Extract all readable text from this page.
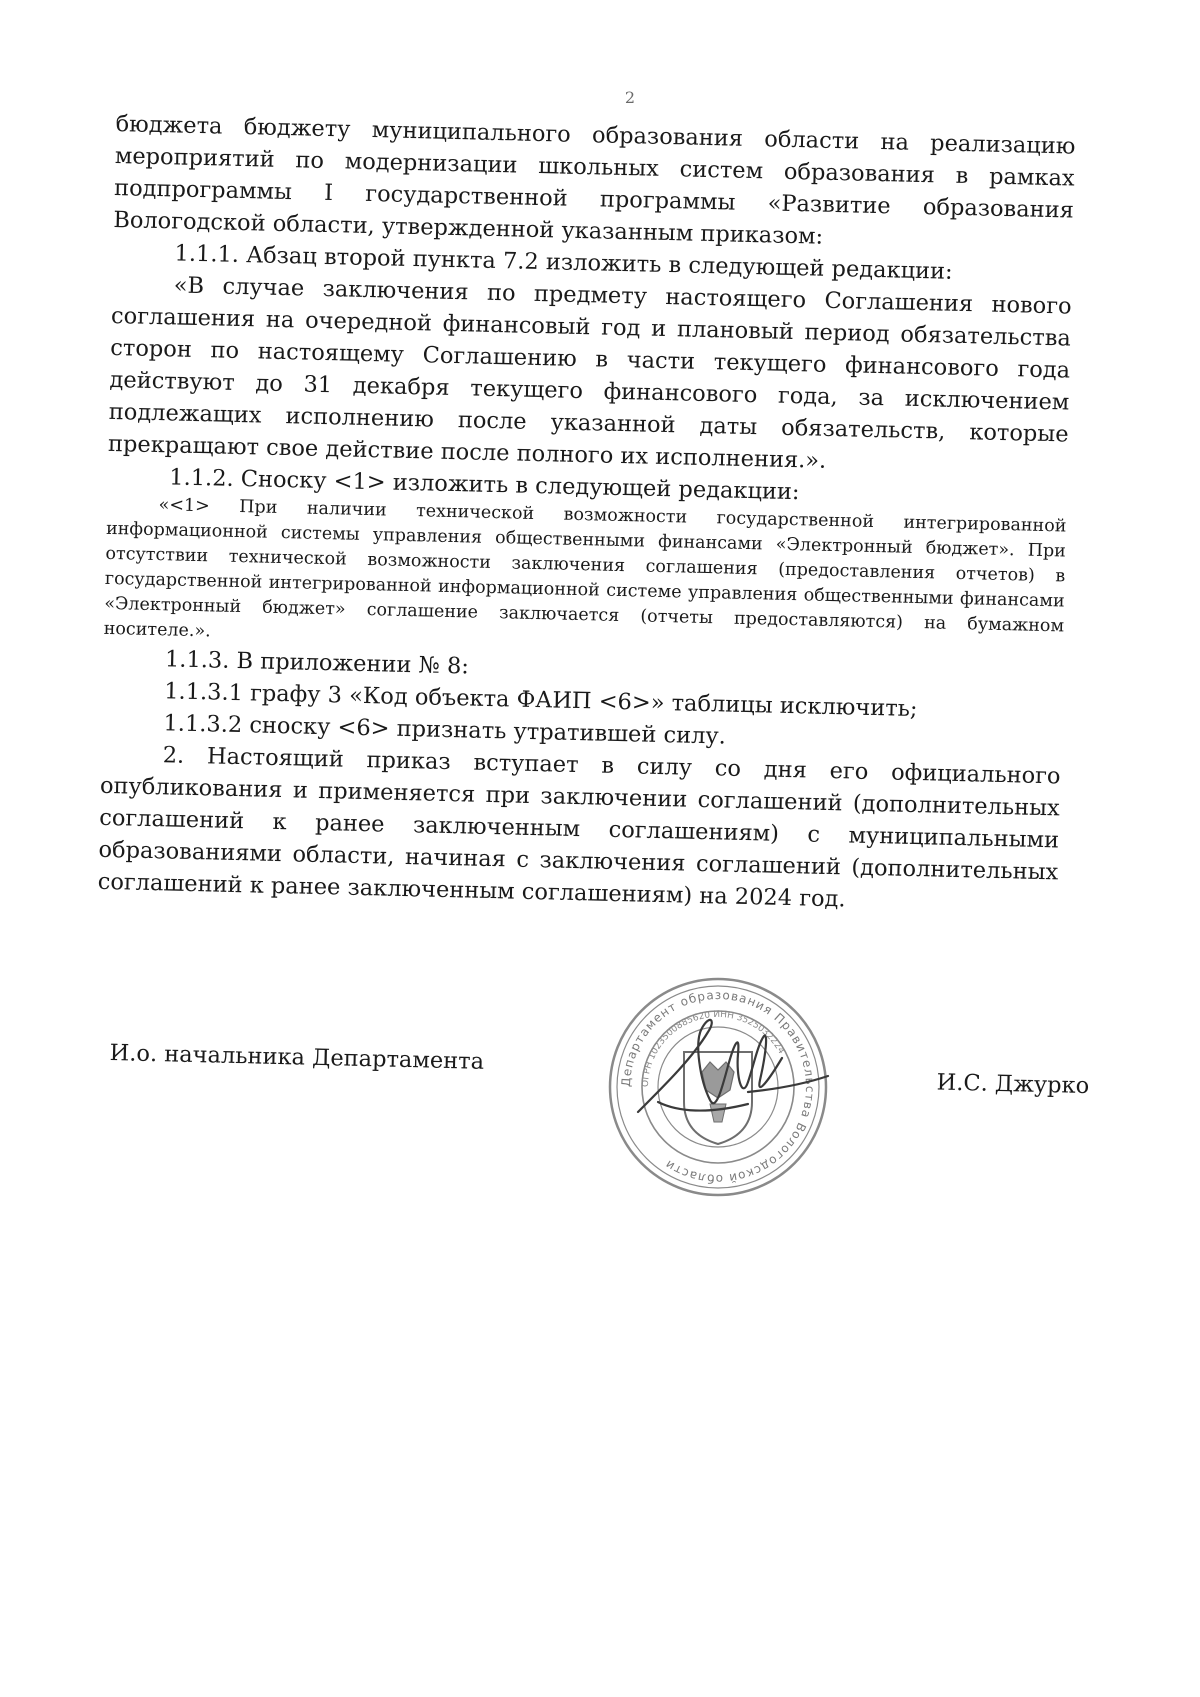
2

бюджета бюджету муниципального образования области на реализацию мероприятий по модернизации школьных систем образования в рамках подпрограммы I государственной программы «Развитие образования Вологодской области, утвержденной указанным приказом:

1.1.1. Абзац второй пункта 7.2 изложить в следующей редакции:

«В случае заключения по предмету настоящего Соглашения нового соглашения на очередной финансовый год и плановый период обязательства сторон по настоящему Соглашению в части текущего финансового года действуют до 31 декабря текущего финансового года, за исключением подлежащих исполнению после указанной даты обязательств, которые прекращают свое действие после полного их исполнения.».

1.1.2. Сноску <1> изложить в следующей редакции:

«<1> При наличии технической возможности государственной интегрированной информационной системы управления общественными финансами «Электронный бюджет». При отсутствии технической возможности заключения соглашения (предоставления отчетов) в государственной интегрированной информационной системе управления общественными финансами «Электронный бюджет» соглашение заключается (отчеты предоставляются) на бумажном носителе.».

1.1.3. В приложении № 8:

1.1.3.1 графу 3 «Код объекта ФАИП <6>» таблицы исключить;

1.1.3.2 сноску <6> признать утратившей силу.

2. Настоящий приказ вступает в силу со дня его официального опубликования и применяется при заключении соглашений (дополнительных соглашений к ранее заключенным соглашениям) с муниципальными образованиями области, начиная с заключения соглашений (дополнительных соглашений к ранее заключенным соглашениям) на 2024 год.

И.о. начальника Департамента
И.С. Джурко
Департамент образования Правительства Вологодской области
ОГРН 1023500885620 ИНН 3525032224
